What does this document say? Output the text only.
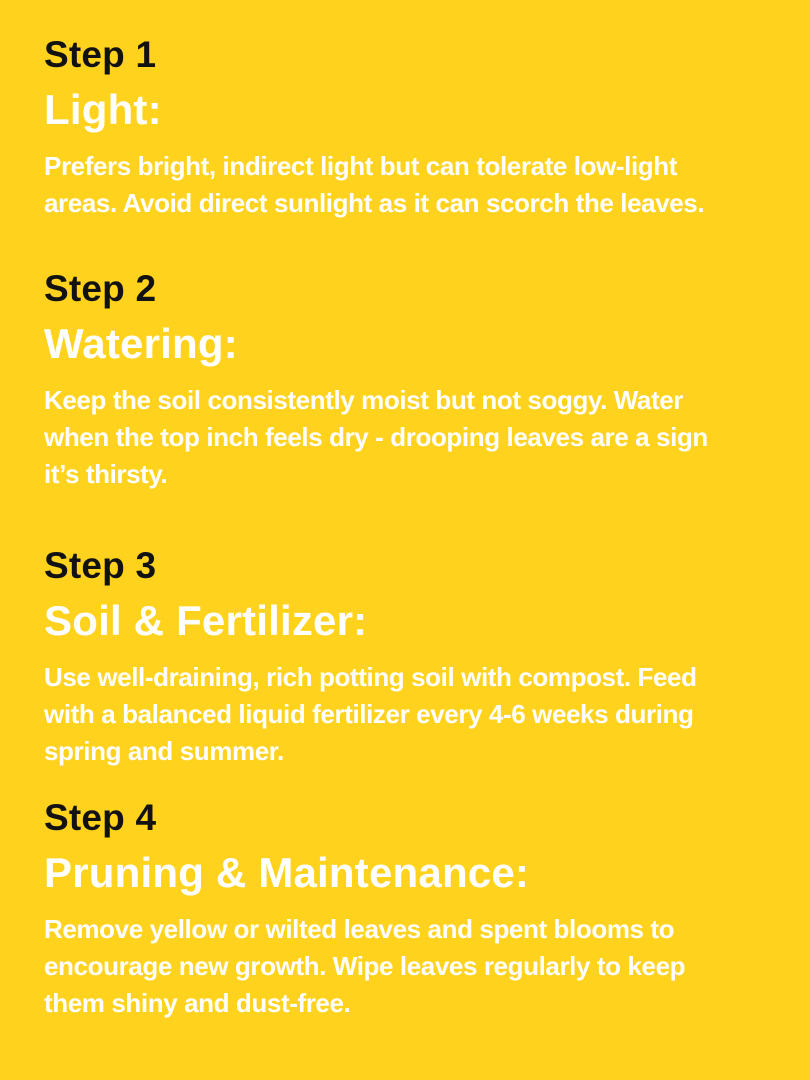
Step 1
Light:
Prefers bright, indirect light but can tolerate low-light
areas. Avoid direct sunlight as it can scorch the leaves.
Step 2
Watering:
Keep the soil consistently moist but not soggy. Water
when the top inch feels dry - drooping leaves are a sign
it’s thirsty.
Step 3
Soil & Fertilizer:
Use well-draining, rich potting soil with compost. Feed
with a balanced liquid fertilizer every 4-6 weeks during
spring and summer.
Step 4
Pruning & Maintenance:
Remove yellow or wilted leaves and spent blooms to
encourage new growth. Wipe leaves regularly to keep
them shiny and dust-free.
